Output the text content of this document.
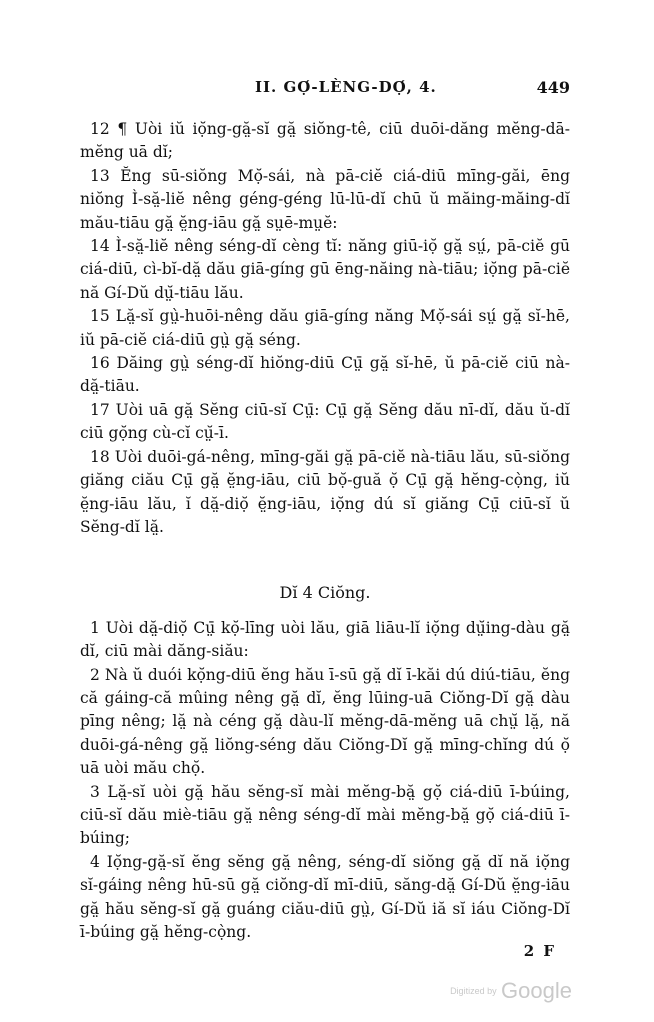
II. GỌ́-LÈNG-DỌ́, 4.	449

12 ¶ Uòi iŭ iọ̆ng-gă̤-sĭ gă̤ siŏng-tê, ciū duōi-dăng mĕng-dā-mĕng uā dĭ;

13 Ĕng sū-siŏng Mọ̆-sái, nà pā-ciĕ ciá-diū mīng-găi, ēng niŏng Ì-să̤-liĕ nêng géng-géng lū-lū-dĭ chū ŭ măing-măing-dĭ mău-tiāu gă̤ ĕ̤ng-iāu gă̤ sṳē-mṳĕ:

14 Ì-să̤-liĕ nêng séng-dĭ cèng tĭ: năng giū-iọ̆ gă̤ sṳ́, pā-ciĕ gū ciá-diū, cì-bĭ-dă̤ dău giā-gíng gū ēng-năing nà-tiāu; iọ̆ng pā-ciĕ nă Gí-Dŭ dṳ̆-tiāu lău.

15 Lă̤-sĭ gṳ̀-huōi-nêng dău giā-gíng năng Mọ̆-sái sṳ́ gă̤ sĭ-hē, iŭ pā-ciĕ ciá-diū gṳ̀ gă̤ séng.

16 Dăing gṳ̀ séng-dĭ hiŏng-diū Cṳ̄ gă̤ sĭ-hē, ŭ pā-ciĕ ciū nà-dă̤-tiāu.

17 Uòi uā gă̤ Sĕng ciū-sĭ Cṳ̄: Cṳ̄ gă̤ Sĕng dău nī-dĭ, dău ŭ-dĭ ciū gọ̆ng cù-cĭ cṳ̆-ī.

18 Uòi duōi-gá-nêng, mīng-găi gă̤ pā-ciĕ nà-tiāu lău, sū-siŏng giăng ciău Cṳ̄ gă̤ ĕ̤ng-iāu, ciū bọ̆-guă ọ̆ Cṳ̄ gă̤ hĕng-cọ̀ng, iŭ ĕ̤ng-iāu lău, ĭ dă̤-diọ̆ ĕ̤ng-iāu, iọ̆ng dú sĭ giăng Cṳ̄ ciū-sĭ ŭ Sĕng-dĭ lă̤.

Dĭ 4 Ciŏng.

1 Uòi dă̤-diọ̆ Cṳ̄ kọ̆-līng uòi lău, giā liāu-lĭ iọ̆ng dṳ̆ing-dàu gă̤ dĭ, ciū mài dăng-siău:

2 Nà ŭ duói kọ̆ng-diū ĕng hău ī-sū gă̤ dĭ ī-kăi dú diú-tiāu, ĕng că gáing-că mûing nêng gă̤ dĭ, ĕng lūing-uā Ciŏng-Dĭ gă̤ dàu pīng nêng; lă̤ nà céng gă̤ dàu-lĭ mĕng-dā-mĕng uā chṳ̆ lă̤, nă duōi-gá-nêng gă̤ liŏng-séng dău Ciŏng-Dĭ gă̤ mīng-chĭng dú ọ̆ uā uòi mău chọ̆.

3 Lă̤-sĭ uòi gă̤ hău sĕng-sĭ mài mĕng-bă̤ gọ̆ ciá-diū ī-búing, ciū-sĭ dău miè-tiāu gă̤ nêng séng-dĭ mài mĕng-bă̤ gọ̆ ciá-diū ī-búing;

4 Iọ̆ng-gă̤-sĭ ĕng sĕng gă̤ nêng, séng-dĭ siŏng gă̤ dĭ nă iọ̆ng sĭ-gáing nêng hū-sū gă̤ ciŏng-dĭ mī-diū, săng-dă̤ Gí-Dŭ ĕ̤ng-iāu gă̤ hău sĕng-sĭ gă̤ guáng ciău-diū gṳ̀, Gí-Dŭ iă sĭ iáu Ciŏng-Dĭ ī-búing gă̤ hĕng-cọ̀ng.

2 F
Digitized by Google
